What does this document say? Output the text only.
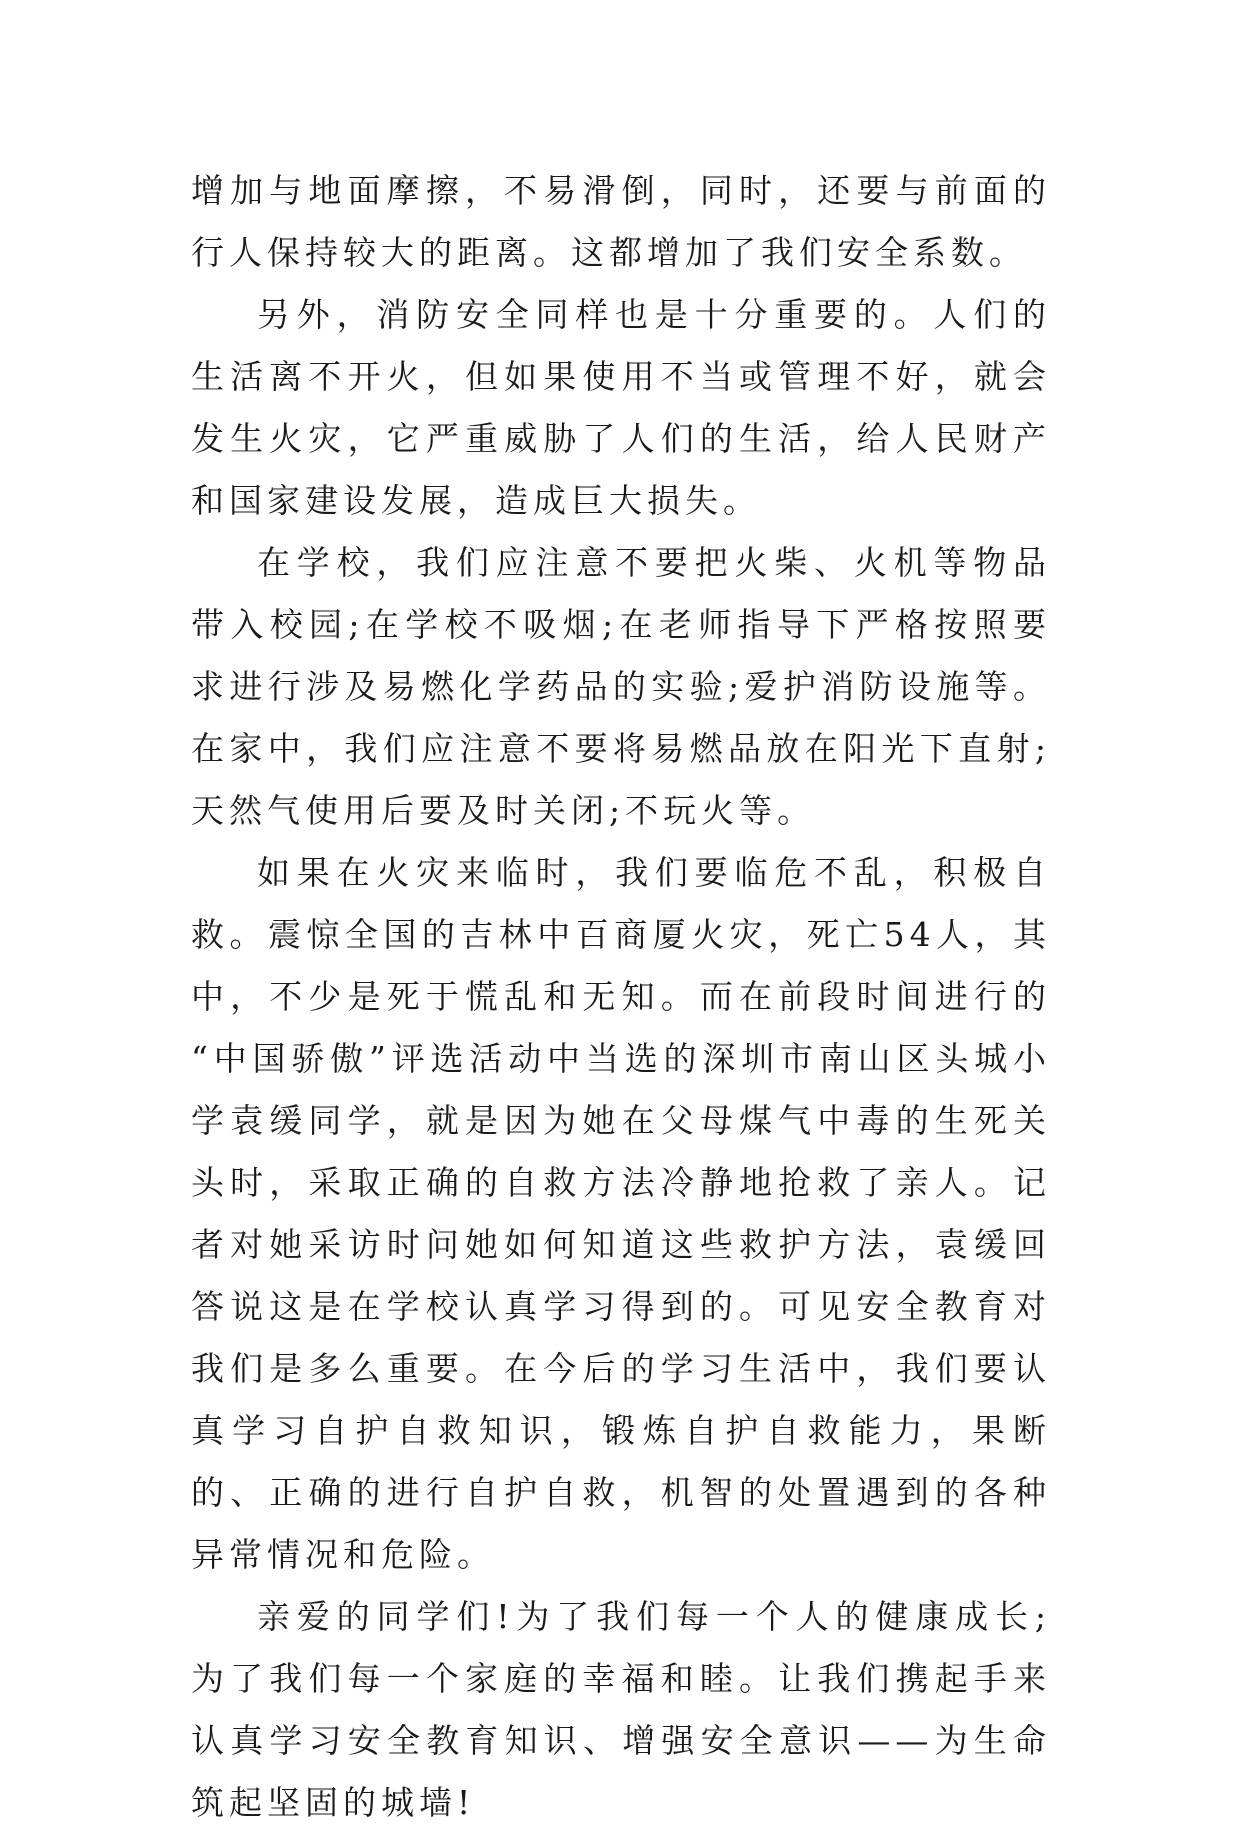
增加与地面摩擦，不易滑倒，同时，还要与前面的行人保持较大的距离。这都增加了我们安全系数。

另外，消防安全同样也是十分重要的。人们的生活离不开火，但如果使用不当或管理不好，就会发生火灾，它严重威胁了人们的生活，给人民财产和国家建设发展，造成巨大损失。

在学校，我们应注意不要把火柴、火机等物品带入校园;在学校不吸烟;在老师指导下严格按照要求进行涉及易燃化学药品的实验;爱护消防设施等。在家中，我们应注意不要将易燃品放在阳光下直射;天然气使用后要及时关闭;不玩火等。

如果在火灾来临时，我们要临危不乱，积极自救。震惊全国的吉林中百商厦火灾，死亡54人，其中，不少是死于慌乱和无知。而在前段时间进行的 “中国骄傲”评选活动中当选的深圳市南山区头城小学袁缓同学，就是因为她在父母煤气中毒的生死关头时，采取正确的自救方法冷静地抢救了亲人。记者对她采访时问她如何知道这些救护方法，袁缓回答说这是在学校认真学习得到的。可见安全教育对我们是多么重要。在今后的学习生活中，我们要认真学习自护自救知识，锻炼自护自救能力，果断的、正确的进行自护自救，机智的处置遇到的各种异常情况和危险。

亲爱的同学们!为了我们每一个人的健康成长;为了我们每一个家庭的幸福和睦。让我们携起手来认真学习安全教育知识、增强安全意识——为生命筑起坚固的城墙!
